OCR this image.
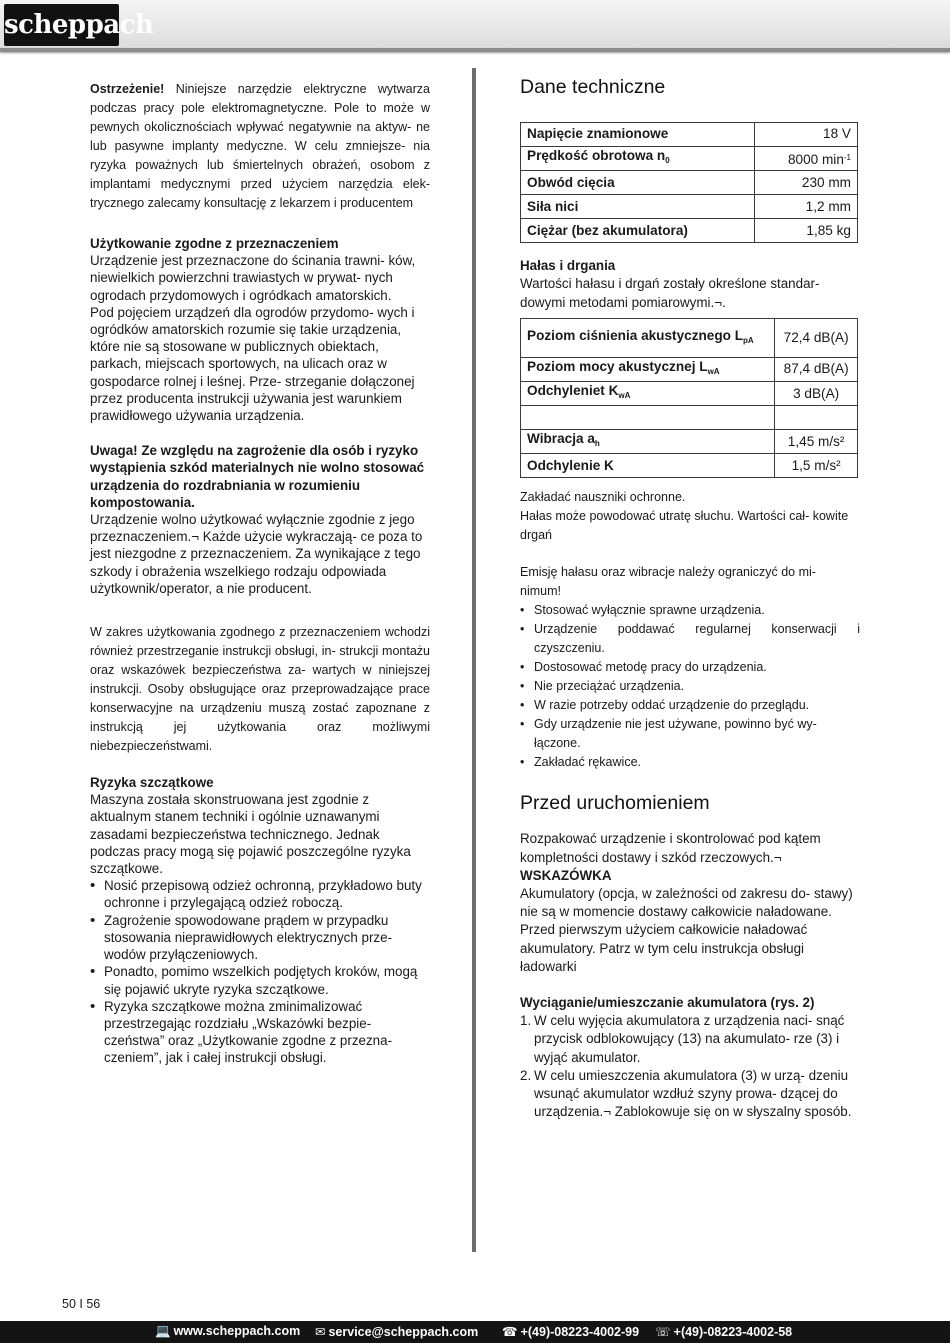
scheppach

Ostrzeżenie! Niniejsze narzędzie elektryczne wytwarza podczas pracy pole elektromagnetyczne. Pole to może w pewnych okolicznościach wpływać negatywnie na aktyw- ne lub pasywne implanty medyczne. W celu zmniejsze- nia ryzyka poważnych lub śmiertelnych obrażeń, osobom z implantami medycznymi przed użyciem narzędzia elek- trycznego zalecamy konsultację z lekarzem i producentem

Użytkowanie zgodne z przeznaczeniem

Urządzenie jest przeznaczone do ścinania trawni- ków, niewielkich powierzchni trawiastych w prywat- nych ogrodach przydomowych i ogródkach amatorskich.

Pod pojęciem urządzeń dla ogrodów przydomo- wych i ogródków amatorskich rozumie się takie urządzenia, które nie są stosowane w publicznych obiektach, parkach, miejscach sportowych, na ulicach oraz w gospodarce rolnej i leśnej. Prze- strzeganie dołączonej przez producenta instrukcji używania jest warunkiem prawidłowego używania urządzenia.

Uwaga! Ze względu na zagrożenie dla osób i ryzyko wystąpienia szkód materialnych nie wolno stosować urządzenia do rozdrabniania w rozumieniu kompostowania.

Urządzenie wolno użytkować wyłącznie zgodnie z jego przeznaczeniem.¬ Każde użycie wykraczają- ce poza to jest niezgodne z przeznaczeniem. Za wynikające z tego szkody i obrażenia wszelkiego rodzaju odpowiada użytkownik/operator, a nie producent.

W zakres użytkowania zgodnego z przeznaczeniem wchodzi również przestrzeganie instrukcji obsługi, in- strukcji montażu oraz wskazówek bezpieczeństwa za- wartych w niniejszej instrukcji. Osoby obsługujące oraz przeprowadzające prace konserwacyjne na urządzeniu muszą zostać zapoznane z instrukcją jej użytkowania oraz możliwymi niebezpieczeństwami.

Ryzyka szczątkowe

Maszyna została skonstruowana jest zgodnie z aktualnym stanem techniki i ogólnie uznawanymi zasadami bezpieczeństwa technicznego. Jednak podczas pracy mogą się pojawić poszczególne ryzyka szczątkowe.

• Nosić przepisową odzież ochronną, przykładowo buty ochronne i przylegającą odzież roboczą.
• Zagrożenie spowodowane prądem w przypadku stosowania nieprawidłowych elektrycznych prze- wodów przyłączeniowych.
• Ponadto, pomimo wszelkich podjętych kroków, mogą się pojawić ukryte ryzyka szczątkowe.
• Ryzyka szczątkowe można zminimalizować przestrzegając rozdziału „Wskazówki bezpie- czeństwa” oraz „Użytkowanie zgodne z przezna- czeniem”, jak i całej instrukcji obsługi.
Dane techniczne
Napięcie znamionowe	18 V
Prędkość obrotowa $n_0$	8000 $\min^{-1}$
Obwód cięcia	230 mm
Siła nici	1,2 mm
Ciężar (bez akumulatora)	1,85 kg

Hałas i drgania

Wartości hałasu i drgań zostały określone standar- dowymi metodami pomiarowymi.¬.

Poziom ciśnienia akustycznego $L_{pA}$	72,4 dB(A)
Poziom mocy akustycznej $L_{wA}$	87,4 dB(A)
Odchyleniet $K_{wA}$	3 dB(A)

Wibracja $a_h$	1,45 m/s²
Odchylenie K	1,5 m/s²

Zakładać nauszniki ochronne.

Hałas może powodować utratę słuchu. Wartości cał- kowite drgań

Emisję hałasu oraz wibracje należy ograniczyć do mi- nimum!

• Stosować wyłącznie sprawne urządzenia.
• Urządzenie poddawać regularnej konserwacji i czyszczeniu.
• Dostosować metodę pracy do urządzenia.
• Nie przeciążać urządzenia.
• W razie potrzeby oddać urządzenie do przeglądu.
• Gdy urządzenie nie jest używane, powinno być wy- łączone.
• Zakładać rękawice.
Przed uruchomieniem

Rozpakować urządzenie i skontrolować pod kątem kompletności dostawy i szkód rzeczowych.¬

WSKAZÓWKA

Akumulatory (opcja, w zależności od zakresu do- stawy) nie są w momencie dostawy całkowicie naładowane. Przed pierwszym użyciem całkowicie naładować akumulatory. Patrz w tym celu instrukcja obsługi ładowarki

Wyciąganie/umieszczanie akumulatora (rys. 2)

1. W celu wyjęcia akumulatora z urządzenia naci- snąć przycisk odblokowujący (13) na akumulato- rze (3) i wyjąć akumulator.
2. W celu umieszczenia akumulatora (3) w urzą- dzeniu wsunąć akumulator wzdłuż szyny prowa- dzącej do urządzenia.¬ Zablokowuje się on w słyszalny sposób.
50 I 56
💻 www.scheppach.com ✉ service@scheppach.com ☎ +(49)-08223-4002-99 ☏ +(49)-08223-4002-58
